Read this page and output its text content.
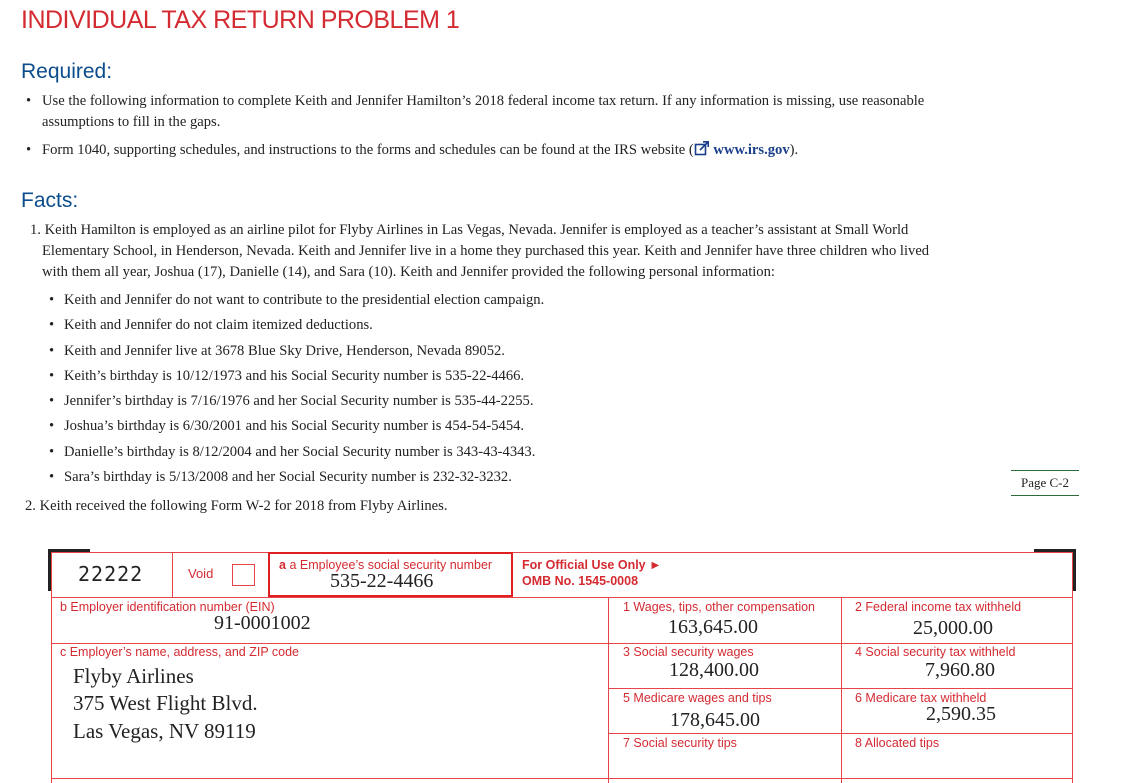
INDIVIDUAL TAX RETURN PROBLEM 1
Required:
• Use the following information to complete Keith and Jennifer Hamilton’s 2018 federal income tax return. If any information is missing, use reasonable
assumptions to fill in the gaps.
• Form 1040, supporting schedules, and instructions to the forms and schedules can be found at the IRS website ( www.irs.gov).
Facts:
1. Keith Hamilton is employed as an airline pilot for Flyby Airlines in Las Vegas, Nevada. Jennifer is employed as a teacher’s assistant at Small World
Elementary School, in Henderson, Nevada. Keith and Jennifer live in a home they purchased this year. Keith and Jennifer have three children who lived
with them all year, Joshua (17), Danielle (14), and Sara (10). Keith and Jennifer provided the following personal information:
• Keith and Jennifer do not want to contribute to the presidential election campaign.
• Keith and Jennifer do not claim itemized deductions.
• Keith and Jennifer live at 3678 Blue Sky Drive, Henderson, Nevada 89052.
• Keith’s birthday is 10/12/1973 and his Social Security number is 535-22-4466.
• Jennifer’s birthday is 7/16/1976 and her Social Security number is 535-44-2255.
• Joshua’s birthday is 6/30/2001 and his Social Security number is 454-54-5454.
• Danielle’s birthday is 8/12/2004 and her Social Security number is 343-43-4343.
• Sara’s birthday is 5/13/2008 and her Social Security number is 232-32-3232.	Page C-2
2. Keith received the following Form W-2 for 2018 from Flyby Airlines.
22222	Void
a a Employee’s social security number
535-22-4466
For Official Use Only ►
OMB No. 1545-0008
b Employer identification number (EIN)
91-0001002
c Employer’s name, address, and ZIP code
Flyby Airlines
375 West Flight Blvd.
Las Vegas, NV 89119
1 Wages, tips, other compensation
163,645.00
2 Federal income tax withheld
25,000.00
3 Social security wages
128,400.00
4 Social security tax withheld
7,960.80
5 Medicare wages and tips
178,645.00
6 Medicare tax withheld
2,590.35
7 Social security tips	8 Allocated tips
